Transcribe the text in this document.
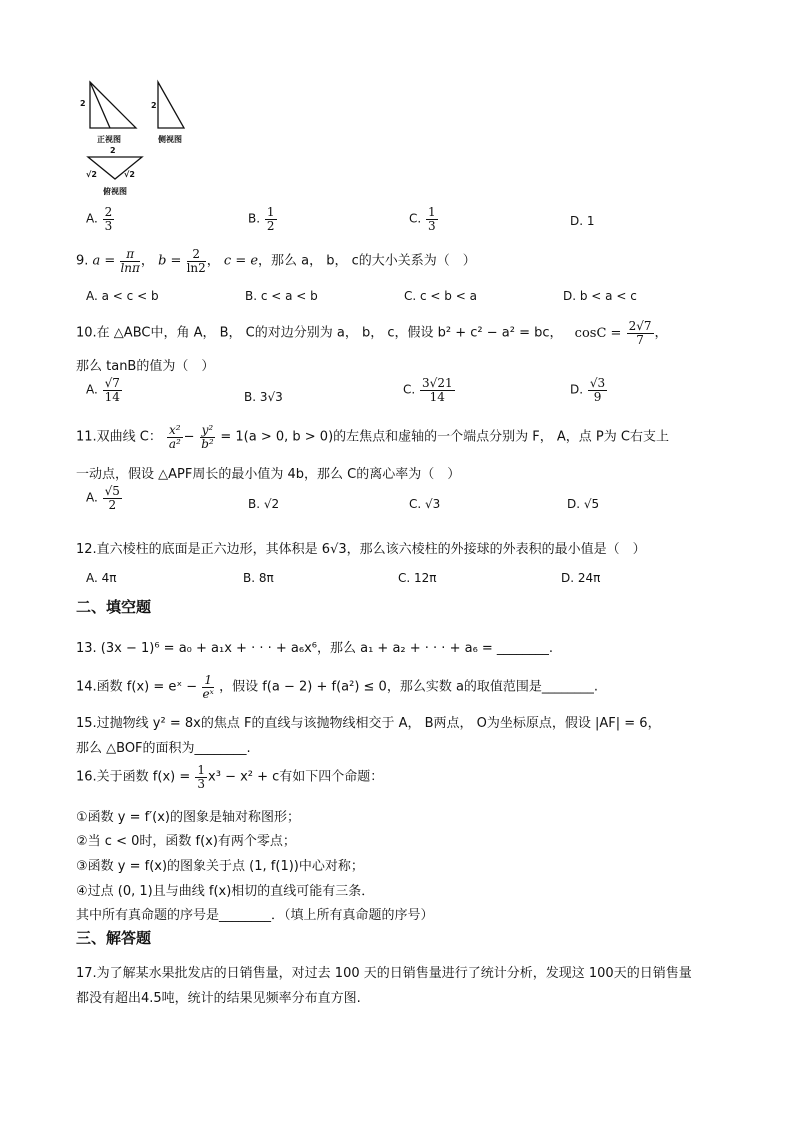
2
正视图
2
侧视图
2
√2	√2
俯视图
A. $\frac{2}{3}$	B. $\frac{1}{2}$	C. $\frac{1}{3}$	D. 1
9. $a = \frac{\pi}{\ln\pi}$ ， $b = \frac{2}{\ln 2}$ ， c = e，那么 a， b， c的大小关系为（　）
A. a < c < b	B. c < a < b	C. c < b < a	D. b < a < c
10.在 △ABC中，角 A， B， C的对边分别为 a， b， c，假设 b² + c² − a² = bc， $\cos C = \frac{2√7}{7}$ ，
那么 tanB的值为（　）
A. $\frac{√7}{14}$	B. 3√3
C. $\frac{3√21}{14}$	D. $\frac{√3}{9}$
11.双曲线 C： $\frac{\text{x²}}{\text{a²}} - \frac{\text{y²}}{\text{b²}} = 1(a > 0$, b > 0)的左焦点和虚轴的一个端点分别为 F， A，点 P为 C右支上
一动点，假设 △APF周长的最小值为 4b，那么 C的离心率为（　）
A. $\frac{√5}{2}$	B. √2	C. √3	D. √5
12.直六棱柱的底面是正六边形，其体积是 6√3，那么该六棱柱的外接球的外表积的最小值是（　）
A. 4π	B. 8π	C. 12π	D. 24π
二、填空题
13. (3x − 1)⁶ = a₀ + a₁x + · · · + a₆x⁶，那么 a₁ + a₂ + · · · + a₆ = ________.
14.函数 f(x) = eˣ − $\frac{1}{\text{eˣ}}$ ，假设 f(a − 2) + f(a²) ≤ 0，那么实数 a的取值范围是________.
15.过抛物线 y² = 8x的焦点 F的直线与该抛物线相交于 A， B两点， O为坐标原点，假设 |AF| = 6，
那么 △BOF的面积为________.
16.关于函数 $f(x) = \frac{1}{3} x^3 - x^2 + c$有如下四个命题：
①函数 y = f′(x)的图象是轴对称图形；
②当 c < 0时，函数 f(x)有两个零点；
③函数 y = f(x)的图象关于点 (1, f(1))中心对称；
④过点 (0, 1)且与曲线 f(x)相切的直线可能有三条．
其中所有真命题的序号是________．（填上所有真命题的序号）
三、解答题
17.为了解某水果批发店的日销售量，对过去 100 天的日销售量进行了统计分析，发现这 100天的日销售量
都没有超出4.5吨，统计的结果见频率分布直方图.
